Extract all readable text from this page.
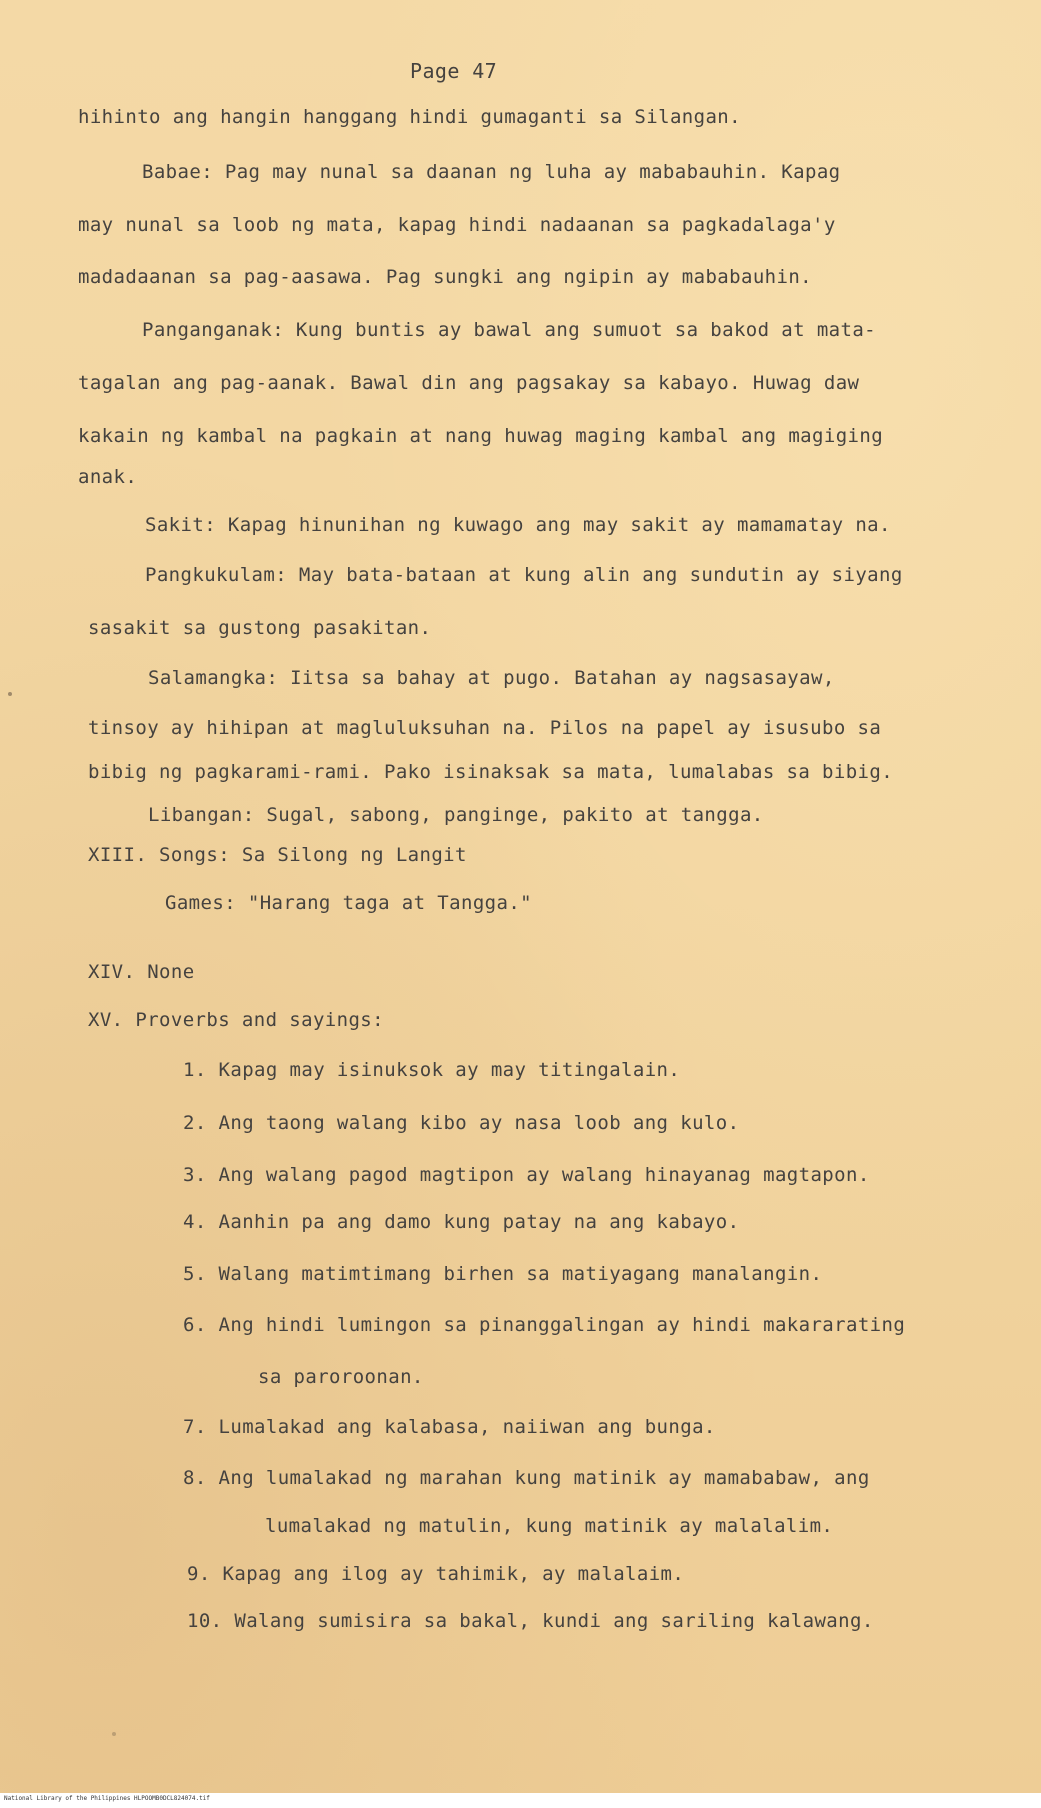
Page 47
hihinto ang hangin hanggang hindi gumaganti sa Silangan.
Babae: Pag may nunal sa daanan ng luha ay mababauhin. Kapag
may nunal sa loob ng mata, kapag hindi nadaanan sa pagkadalaga'y
madadaanan sa pag-aasawa. Pag sungki ang ngipin ay mababauhin.
Panganganak: Kung buntis ay bawal ang sumuot sa bakod at mata-
tagalan ang pag-aanak. Bawal din ang pagsakay sa kabayo. Huwag daw
kakain ng kambal na pagkain at nang huwag maging kambal ang magiging
anak.
Sakit: Kapag hinunihan ng kuwago ang may sakit ay mamamatay na.
Pangkukulam: May bata-bataan at kung alin ang sundutin ay siyang
sasakit sa gustong pasakitan.
Salamangka: Iitsa sa bahay at pugo. Batahan ay nagsasayaw,
tinsoy ay hihipan at magluluksuhan na. Pilos na papel ay isusubo sa
bibig ng pagkarami-rami. Pako isinaksak sa mata, lumalabas sa bibig.
Libangan: Sugal, sabong, panginge, pakito at tangga.
XIII. Songs: Sa Silong ng Langit
Games: "Harang taga at Tangga."
XIV. None
XV. Proverbs and sayings:
1. Kapag may isinuksok ay may titingalain.
2. Ang taong walang kibo ay nasa loob ang kulo.
3. Ang walang pagod magtipon ay walang hinayanag magtapon.
4. Aanhin pa ang damo kung patay na ang kabayo.
5. Walang matimtimang birhen sa matiyagang manalangin.
6. Ang hindi lumingon sa pinanggalingan ay hindi makararating
sa paroroonan.
7. Lumalakad ang kalabasa, naiiwan ang bunga.
8. Ang lumalakad ng marahan kung matinik ay mamababaw, ang
lumalakad ng matulin, kung matinik ay malalalim.
9. Kapag ang ilog ay tahimik, ay malalaim.
10. Walang sumisira sa bakal, kundi ang sariling kalawang.
National Library of the Philippines HLPOOMB0DCL824074.tif
